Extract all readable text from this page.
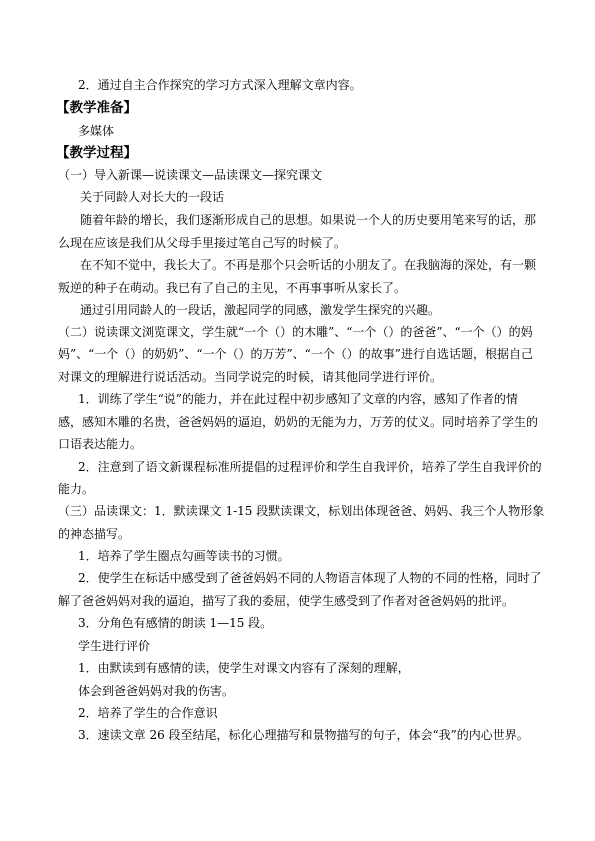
2．通过自主合作探究的学习方式深入理解文章内容。
【教学准备】
多媒体
【教学过程】
（一）导入新课—说读课文—品读课文—探究课文
关于同龄人对长大的一段话
随着年龄的增长，我们逐渐形成自己的思想。如果说一个人的历史要用笔来写的话，那
么现在应该是我们从父母手里接过笔自己写的时候了。
在不知不觉中，我长大了。不再是那个只会听话的小朋友了。在我脑海的深处，有一颗
叛逆的种子在萌动。我已有了自己的主见，不再事事听从家长了。
通过引用同龄人的一段话，激起同学的同感，激发学生探究的兴趣。
（二）说读课文浏览课文，学生就“一个（）的木雕”、“一个（）的爸爸”、“一个（）的妈
妈”、“一个（）的奶奶”、“一个（）的万芳”、“一个（）的故事”进行自选话题，根据自己
对课文的理解进行说话活动。当同学说完的时候，请其他同学进行评价。
1．训练了学生“说”的能力，并在此过程中初步感知了文章的内容，感知了作者的情
感，感知木雕的名贵，爸爸妈妈的逼迫，奶奶的无能为力，万芳的仗义。同时培养了学生的
口语表达能力。
2．注意到了语文新课程标准所提倡的过程评价和学生自我评价，培养了学生自我评价的
能力。
（三）品读课文：1．默读课文 1-15 段默读课文，标划出体现爸爸、妈妈、我三个人物形象
的神态描写。
1．培养了学生圈点勾画等读书的习惯。
2．使学生在标话中感受到了爸爸妈妈不同的人物语言体现了人物的不同的性格，同时了
解了爸爸妈妈对我的逼迫，描写了我的委屈，使学生感受到了作者对爸爸妈妈的批评。
3．分角色有感情的朗读 1—15 段。
学生进行评价
1．由默读到有感情的读，使学生对课文内容有了深刻的理解，
体会到爸爸妈妈对我的伤害。
2．培养了学生的合作意识
3．速读文章 26 段至结尾，标化心理描写和景物描写的句子，体会“我”的内心世界。
